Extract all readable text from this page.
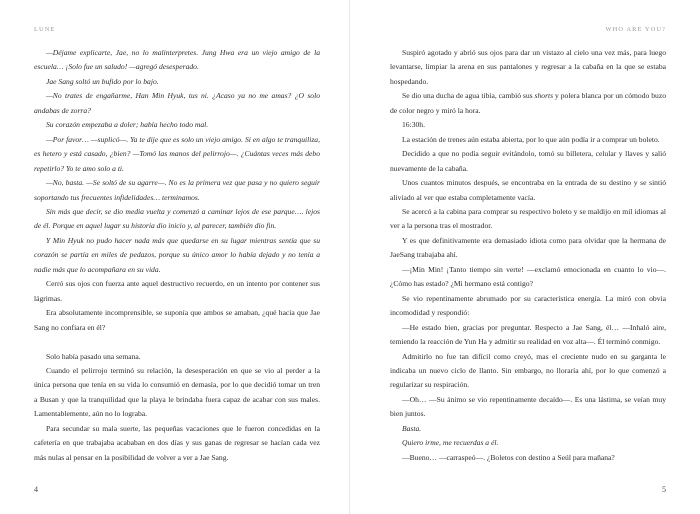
LUNE

—Déjame explicarte, Jae, no lo malinterpretes. Jung Hwa era un viejo amigo de la escuela… ¡Solo fue un saludo! —agregó desesperado.

Jae Sang soltó un bufido por lo bajo.

—No trates de engañarme, Han Min Hyuk, tus ni. ¿Acaso ya no me amas? ¿O solo andabas de zorra?

Su corazón empezaba a doler; había hecho todo mal.

—Por favor… —suplicó—. Ya te dije que es solo un viejo amigo. Si en algo te tranquiliza, es hetero y está casado, ¿bien? —Tomó las manos del pelirrojo—. ¿Cuántas veces más debo repetirlo? Yo te amo solo a ti.

—No, basta. —Se soltó de su agarre—. No es la primera vez que pasa y no quiero seguir soportando tus frecuentes infidelidades… terminamos.

Sin más que decir, se dio media vuelta y comenzó a caminar lejos de ese parque…. lejos de él. Porque en aquel lugar su historia dio inicio y, al parecer, también dio fin.

Y Min Hyuk no pudo hacer nada más que quedarse en su lugar mientras sentía que su corazón se partía en miles de pedazos, porque su único amor lo había dejado y no tenía a nadie más que lo acompañara en su vida.

Cerró sus ojos con fuerza ante aquel destructivo recuerdo, en un intento por contener sus lágrimas.

Era absolutamente incomprensible, se suponía que ambos se amaban, ¿qué hacía que Jae Sang no confiara en él?

Solo había pasado una semana.

Cuando el pelirrojo terminó su relación, la desesperación en que se vio al perder a la única persona que tenía en su vida lo consumió en demasía, por lo que decidió tomar un tren a Busan y que la tranquilidad que la playa le brindaba fuera capaz de acabar con sus males. Lamentablemente, aún no lo lograba.

Para secundar su mala suerte, las pequeñas vacaciones que le fueron concedidas en la cafetería en que trabajaba acababan en dos días y sus ganas de regresar se hacían cada vez más nulas al pensar en la posibilidad de volver a ver a Jae Sang.

4
WHO ARE YOU?

Suspiró agotado y abrió sus ojos para dar un vistazo al cielo una vez más, para luego levantarse, limpiar la arena en sus pantalones y regresar a la cabaña en la que se estaba hospedando.

Se dio una ducha de agua tibia, cambió sus shorts y polera blanca por un cómodo buzo de color negro y miró la hora.

16:30h.

La estación de trenes aún estaba abierta, por lo que aún podía ir a comprar un boleto.

Decidido a que no podía seguir evitándolo, tomó su billetera, celular y llaves y salió nuevamente de la cabaña.

Unos cuantos minutos después, se encontraba en la entrada de su destino y se sintió aliviado al ver que estaba completamente vacía.

Se acercó a la cabina para comprar su respectivo boleto y se maldijo en mil idiomas al ver a la persona tras el mostrador.

Y es que definitivamente era demasiado idiota como para olvidar que la hermana de JaeSang trabajaba ahí.

—¡Min Min! ¡Tanto tiempo sin verte! —exclamó emocionada en cuanto lo vio—. ¿Cómo has estado? ¿Mi hermano está contigo?

Se vio repentinamente abrumado por su característica energía. La miró con obvia incomodidad y respondió:

—He estado bien, gracias por preguntar. Respecto a Jae Sang, él… —Inhaló aire, temiendo la reacción de Yun Ha y admitir su realidad en voz alta—. Él terminó conmigo.

Admitirlo no fue tan difícil como creyó, mas el creciente nudo en su garganta le indicaba un nuevo ciclo de llanto. Sin embargo, no lloraría ahí, por lo que comenzó a regularizar su respiración.

—Oh… —Su ánimo se vio repentinamente decaído—. Es una lástima, se veían muy bien juntos.

Basta.

Quiero irme, me recuerdas a él.

—Bueno… —carraspeó—. ¿Boletos con destino a Seúl para mañana?

5
